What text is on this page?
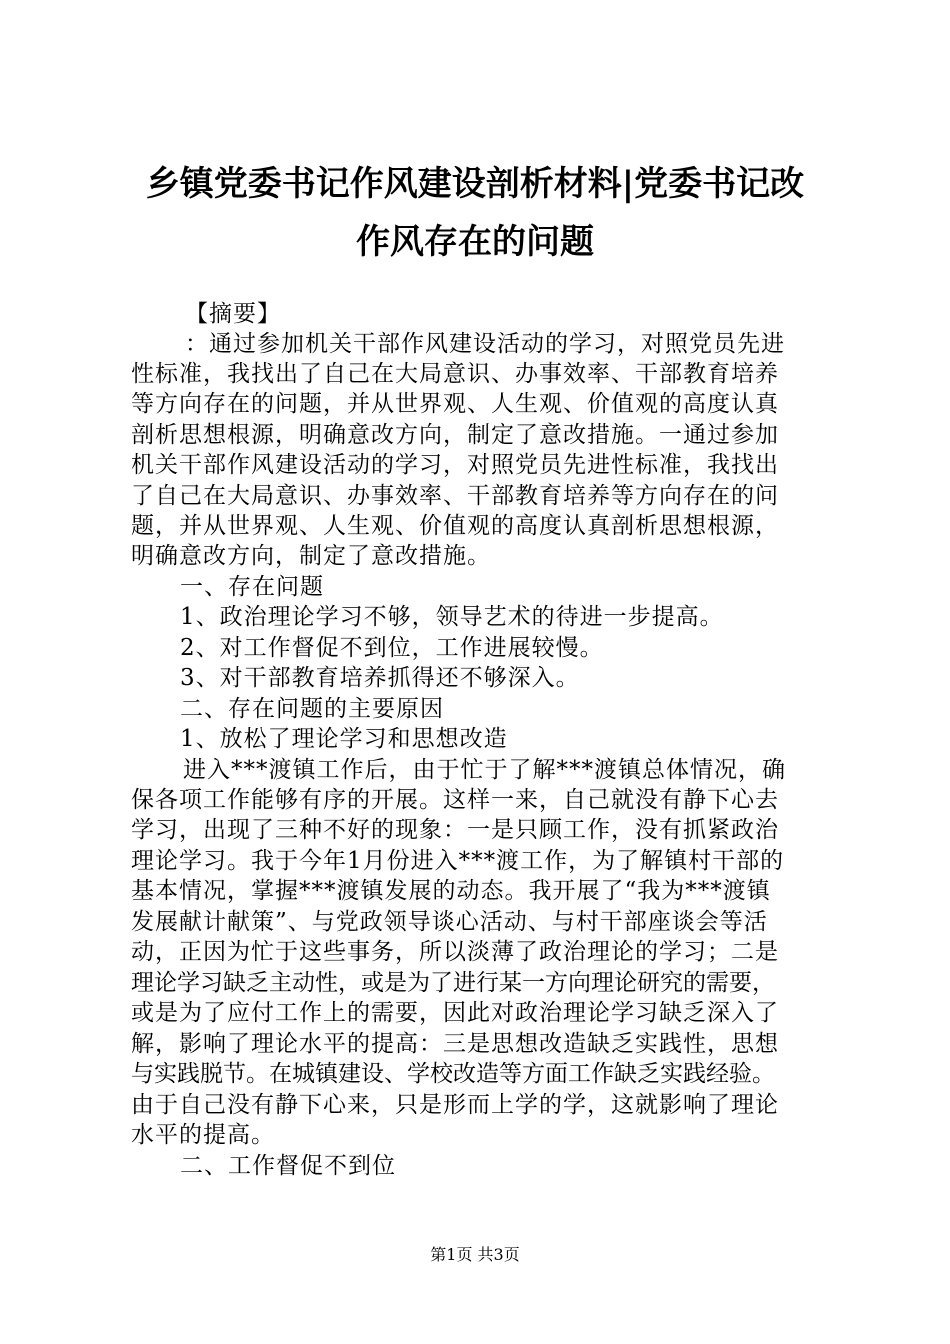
乡镇党委书记作风建设剖析材料|党委书记改
作风存在的问题
【摘要】
：通过参加机关干部作风建设活动的学习，对照党员先进
性标准，我找出了自己在大局意识、办事效率、干部教育培养
等方向存在的问题，并从世界观、人生观、价值观的高度认真
剖析思想根源，明确意改方向，制定了意改措施。一通过参加
机关干部作风建设活动的学习，对照党员先进性标准，我找出
了自己在大局意识、办事效率、干部教育培养等方向存在的问
题，并从世界观、人生观、价值观的高度认真剖析思想根源，
明确意改方向，制定了意改措施。
一、存在问题
1、政治理论学习不够，领导艺术的待进一步提高。
2、对工作督促不到位，工作进展较慢。
3、对干部教育培养抓得还不够深入。
二、存在问题的主要原因
1、放松了理论学习和思想改造
进入***渡镇工作后，由于忙于了解***渡镇总体情况，确
保各项工作能够有序的开展。这样一来，自己就没有静下心去
学习，出现了三种不好的现象：一是只顾工作，没有抓紧政治
理论学习。我于今年1月份进入***渡工作，为了解镇村干部的
基本情况，掌握***渡镇发展的动态。我开展了“我为***渡镇
发展献计献策”、与党政领导谈心活动、与村干部座谈会等活
动，正因为忙于这些事务，所以淡薄了政治理论的学习；二是
理论学习缺乏主动性，或是为了进行某一方向理论研究的需要，
或是为了应付工作上的需要，因此对政治理论学习缺乏深入了
解，影响了理论水平的提高：三是思想改造缺乏实践性，思想
与实践脱节。在城镇建设、学校改造等方面工作缺乏实践经验。
由于自己没有静下心来，只是形而上学的学，这就影响了理论
水平的提高。
二、工作督促不到位
第1页 共3页
